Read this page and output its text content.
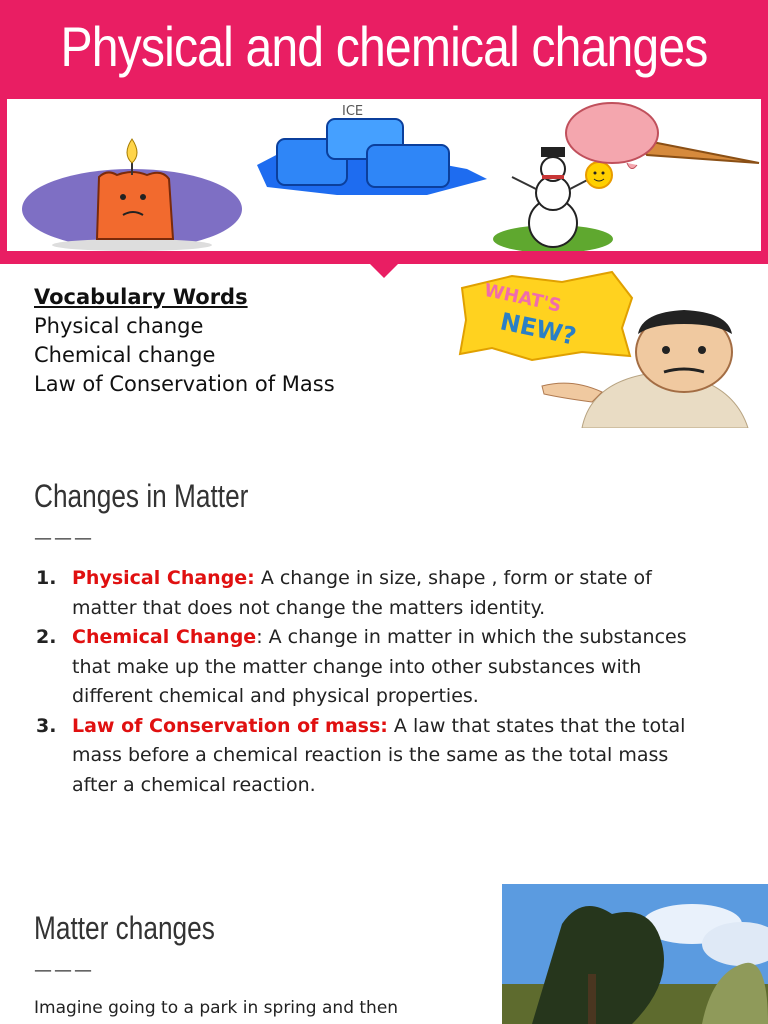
Physical and chemical changes
ICE
Vocabulary Words
Physical change
Chemical change
Law of Conservation of Mass
WHAT'S
NEW?
Changes in Matter
———
1. Physical Change: A change in size, shape , form or state of matter that does not change the matters identity.
2. Chemical Change: A change in matter in which the substances that make up the matter change into other substances with different chemical and physical properties.
3. Law of Conservation of mass: A law that states that the total mass before a chemical reaction is the same as the total mass after a chemical reaction.
Matter changes
———
Imagine going to a park in spring and then
